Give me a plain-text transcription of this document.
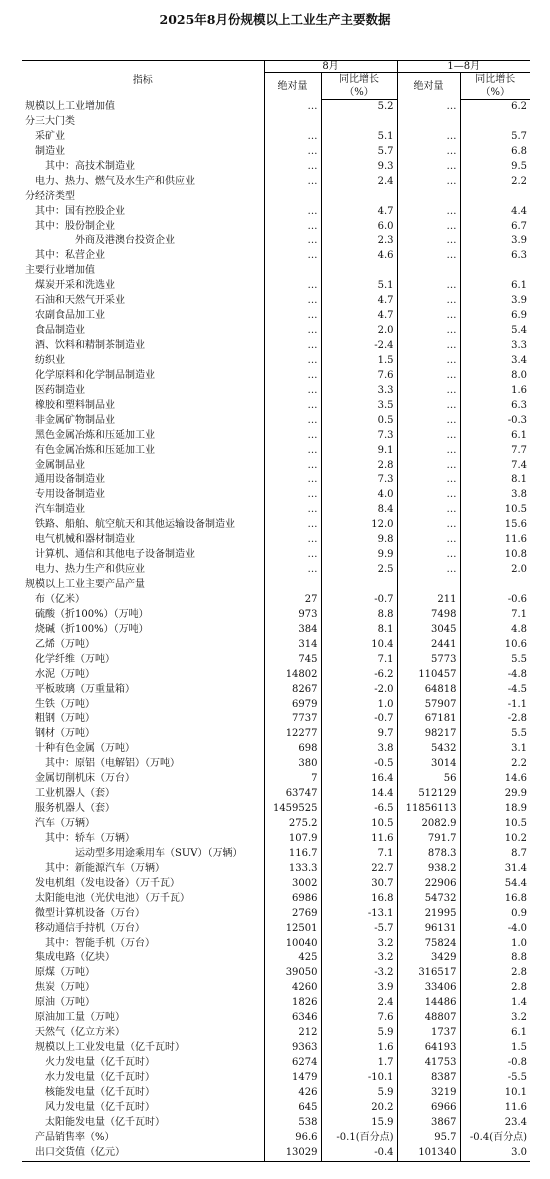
2025年8月份规模以上工业生产主要数据
指标	8月		1—8月	
	绝对量	同比增长	绝对量	同比增长
		（%）		（%）
规模以上工业增加值	…	5.2	…	6.2
分三大门类				
采矿业	…	5.1	…	5.7
制造业	…	5.7	…	6.8
其中：高技术制造业	…	9.3	…	9.5
电力、热力、燃气及水生产和供应业	…	2.4	…	2.2
分经济类型				
其中：国有控股企业	…	4.7	…	4.4
其中：股份制企业	…	6.0	…	6.7
外商及港澳台投资企业	…	2.3	…	3.9
其中：私营企业	…	4.6	…	6.3
主要行业增加值				
煤炭开采和洗选业	…	5.1	…	6.1
石油和天然气开采业	…	4.7	…	3.9
农副食品加工业	…	4.7	…	6.9
食品制造业	…	2.0	…	5.4
酒、饮料和精制茶制造业	…	-2.4	…	3.3
纺织业	…	1.5	…	3.4
化学原料和化学制品制造业	…	7.6	…	8.0
医药制造业	…	3.3	…	1.6
橡胶和塑料制品业	…	3.5	…	6.3
非金属矿物制品业	…	0.5	…	-0.3
黑色金属冶炼和压延加工业	…	7.3	…	6.1
有色金属冶炼和压延加工业	…	9.1	…	7.7
金属制品业	…	2.8	…	7.4
通用设备制造业	…	7.3	…	8.1
专用设备制造业	…	4.0	…	3.8
汽车制造业	…	8.4	…	10.5
铁路、船舶、航空航天和其他运输设备制造业	…	12.0	…	15.6
电气机械和器材制造业	…	9.8	…	11.6
计算机、通信和其他电子设备制造业	…	9.9	…	10.8
电力、热力生产和供应业	…	2.5	…	2.0
规模以上工业主要产品产量				
布（亿米）	27	-0.7	211	-0.6
硫酸（折100%）（万吨）	973	8.8	7498	7.1
烧碱（折100%）（万吨）	384	8.1	3045	4.8
乙烯（万吨）	314	10.4	2441	10.6
化学纤维（万吨）	745	7.1	5773	5.5
水泥（万吨）	14802	-6.2	110457	-4.8
平板玻璃（万重量箱）	8267	-2.0	64818	-4.5
生铁（万吨）	6979	1.0	57907	-1.1
粗钢（万吨）	7737	-0.7	67181	-2.8
钢材（万吨）	12277	9.7	98217	5.5
十种有色金属（万吨）	698	3.8	5432	3.1
其中：原铝（电解铝）（万吨）	380	-0.5	3014	2.2
金属切削机床（万台）	7	16.4	56	14.6
工业机器人（套）	63747	14.4	512129	29.9
服务机器人（套）	1459525	-6.5	11856113	18.9
汽车（万辆）	275.2	10.5	2082.9	10.5
其中：轿车（万辆）	107.9	11.6	791.7	10.2
运动型多用途乘用车（SUV）（万辆）	116.7	7.1	878.3	8.7
其中：新能源汽车（万辆）	133.3	22.7	938.2	31.4
发电机组（发电设备）（万千瓦）	3002	30.7	22906	54.4
太阳能电池（光伏电池）（万千瓦）	6986	16.8	54732	16.8
微型计算机设备（万台）	2769	-13.1	21995	0.9
移动通信手持机（万台）	12501	-5.7	96131	-4.0
其中：智能手机（万台）	10040	3.2	75824	1.0
集成电路（亿块）	425	3.2	3429	8.8
原煤（万吨）	39050	-3.2	316517	2.8
焦炭（万吨）	4260	3.9	33406	2.8
原油（万吨）	1826	2.4	14486	1.4
原油加工量（万吨）	6346	7.6	48807	3.2
天然气（亿立方米）	212	5.9	1737	6.1
规模以上工业发电量（亿千瓦时）	9363	1.6	64193	1.5
火力发电量（亿千瓦时）	6274	1.7	41753	-0.8
水力发电量（亿千瓦时）	1479	-10.1	8387	-5.5
核能发电量（亿千瓦时）	426	5.9	3219	10.1
风力发电量（亿千瓦时）	645	20.2	6966	11.6
太阳能发电量（亿千瓦时）	538	15.9	3867	23.4
产品销售率（%）	96.6	-0.1(百分点)	95.7	-0.4(百分点)
出口交货值（亿元）	13029	-0.4	101340	3.0
